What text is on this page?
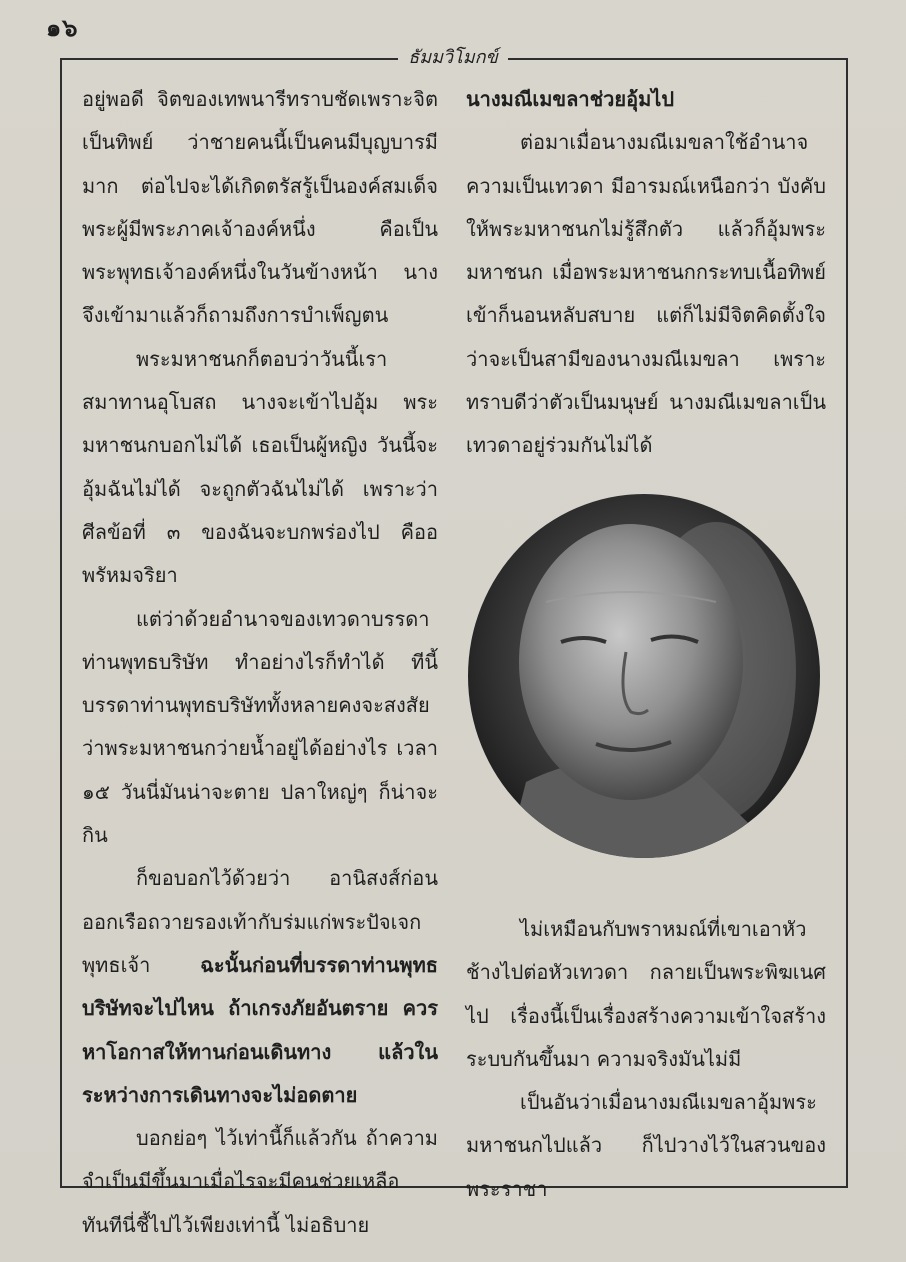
๑๖
ธัมมวิโมกข์

อยู่พอดี จิตของเทพนารีทราบชัดเพราะจิตเป็นทิพย์ ว่าชายคนนี้เป็นคนมีบุญบารมีมาก ต่อไปจะได้เกิดตรัสรู้เป็นองค์สมเด็จพระผู้มีพระภาคเจ้าองค์หนึ่ง คือเป็นพระพุทธเจ้าองค์หนึ่งในวันข้างหน้า นางจึงเข้ามาแล้วก็ถามถึงการบำเพ็ญตน

พระมหาชนกก็ตอบว่าวันนี้เราสมาทานอุโบสถ นางจะเข้าไปอุ้ม พระมหาชนกบอกไม่ได้ เธอเป็นผู้หญิง วันนี้จะอุ้มฉันไม่ได้ จะถูกตัวฉันไม่ได้ เพราะว่าศีลข้อที่ ๓ ของฉันจะบกพร่องไป คืออพรัหมจริยา

แต่ว่าด้วยอำนาจของเทวดาบรรดาท่านพุทธบริษัท ทำอย่างไรก็ทำได้ ทีนี้บรรดาท่านพุทธบริษัททั้งหลายคงจะสงสัยว่าพระมหาชนกว่ายน้ำอยู่ได้อย่างไร เวลา ๑๕ วันนี่มันน่าจะตาย ปลาใหญ่ๆ ก็น่าจะกิน

ก็ขอบอกไว้ด้วยว่า อานิสงส์ก่อนออกเรือถวายรองเท้ากับร่มแก่พระปัจเจกพุทธเจ้า ฉะนั้นก่อนที่บรรดาท่านพุทธบริษัทจะไปไหน ถ้าเกรงภัยอันตราย ควรหาโอกาสให้ทานก่อนเดินทาง แล้วในระหว่างการเดินทางจะไม่อดตาย

บอกย่อๆ ไว้เท่านี้ก็แล้วกัน ถ้าความจำเป็นมีขึ้นมาเมื่อไรจะมีคนช่วยเหลือทันทีนี่ชี้ไปไว้เพียงเท่านี้ ไม่อธิบาย

นางมณีเมขลาช่วยอุ้มไป

ต่อมาเมื่อนางมณีเมขลาใช้อำนาจความเป็นเทวดา มีอารมณ์เหนือกว่า บังคับให้พระมหาชนกไม่รู้สึกตัว แล้วก็อุ้มพระมหาชนก เมื่อพระมหาชนกกระทบเนื้อทิพย์เข้าก็นอนหลับสบาย แต่ก็ไม่มีจิตคิดตั้งใจว่าจะเป็นสามีของนางมณีเมขลา เพราะทราบดีว่าตัวเป็นมนุษย์ นางมณีเมขลาเป็นเทวดาอยู่ร่วมกันไม่ได้

ไม่เหมือนกับพราหมณ์ที่เขาเอาหัวช้างไปต่อหัวเทวดา กลายเป็นพระพิฆเนศไป เรื่องนี้เป็นเรื่องสร้างความเข้าใจสร้างระบบกันขึ้นมา ความจริงมันไม่มี

เป็นอันว่าเมื่อนางมณีเมขลาอุ้มพระมหาชนกไปแล้ว ก็ไปวางไว้ในสวนของพระราชา
